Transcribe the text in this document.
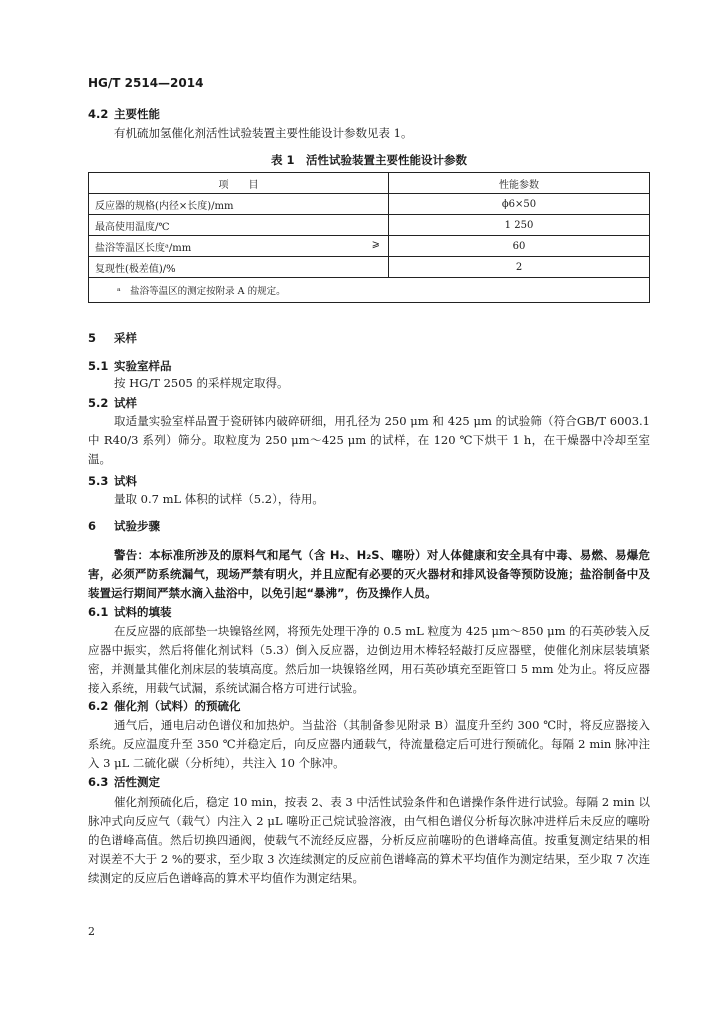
HG/T 2514—2014
4.2 主要性能
有机硫加氢催化剂活性试验装置主要性能设计参数见表 1。
表 1　活性试验装置主要性能设计参数
项　　目	性能参数
反应器的规格(内径×长度)/mm	ϕ6×50
最高使用温度/℃	1 250
盐浴等温区长度ᵃ/mm ⩾	60
复现性(极差值)/%	2
ᵃ　盐浴等温区的测定按附录 A 的规定。	
5 采样
5.1 实验室样品
按 HG/T 2505 的采样规定取得。
5.2 试样
取适量实验室样品置于瓷研钵内破碎研细，用孔径为 250 μm 和 425 μm 的试验筛（符合GB/T 6003.1 中 R40/3 系列）筛分。取粒度为 250 μm～425 μm 的试样，在 120 ℃下烘干 1 h，在干燥器中冷却至室温。
5.3 试料
量取 0.7 mL 体积的试样（5.2），待用。
6 试验步骤
警告：本标准所涉及的原料气和尾气（含 H₂、H₂S、噻吩）对人体健康和安全具有中毒、易燃、易爆危害，必须严防系统漏气，现场严禁有明火，并且应配有必要的灭火器材和排风设备等预防设施；盐浴制备中及装置运行期间严禁水滴入盐浴中，以免引起“暴沸”，伤及操作人员。
6.1 试料的填装
在反应器的底部垫一块镍铬丝网，将预先处理干净的 0.5 mL 粒度为 425 μm～850 μm 的石英砂装入反应器中振实，然后将催化剂试料（5.3）倒入反应器，边倒边用木棒轻轻敲打反应器壁，使催化剂床层装填紧密，并测量其催化剂床层的装填高度。然后加一块镍铬丝网，用石英砂填充至距管口 5 mm 处为止。将反应器接入系统，用载气试漏，系统试漏合格方可进行试验。
6.2 催化剂（试料）的预硫化
通气后，通电启动色谱仪和加热炉。当盐浴（其制备参见附录 B）温度升至约 300 ℃时，将反应器接入系统。反应温度升至 350 ℃并稳定后，向反应器内通载气，待流量稳定后可进行预硫化。每隔 2 min 脉冲注入 3 μL 二硫化碳（分析纯），共注入 10 个脉冲。
6.3 活性测定
催化剂预硫化后，稳定 10 min，按表 2、表 3 中活性试验条件和色谱操作条件进行试验。每隔 2 min 以脉冲式向反应气（载气）内注入 2 μL 噻吩正己烷试验溶液，由气相色谱仪分析每次脉冲进样后未反应的噻吩的色谱峰高值。然后切换四通阀，使载气不流经反应器，分析反应前噻吩的色谱峰高值。按重复测定结果的相对误差不大于 2 %的要求，至少取 3 次连续测定的反应前色谱峰高的算术平均值作为测定结果，至少取 7 次连续测定的反应后色谱峰高的算术平均值作为测定结果。
2
